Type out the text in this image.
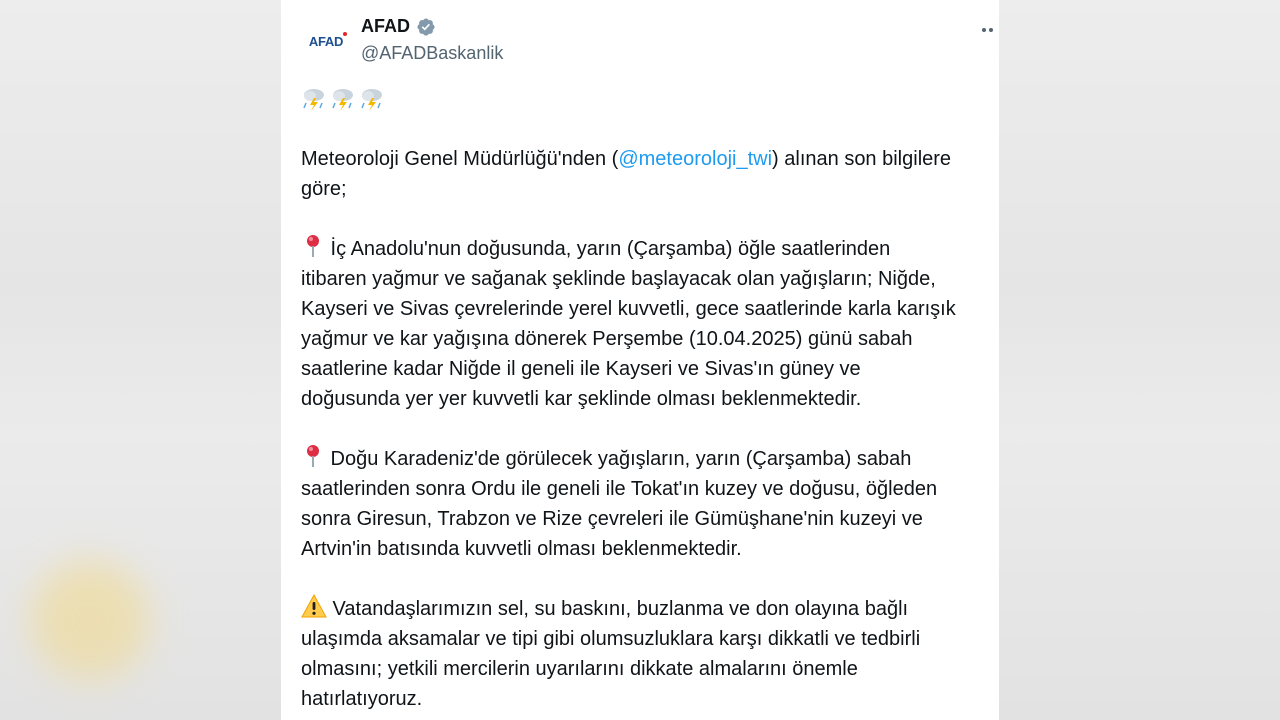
AFAD
AFAD
@AFADBaskanlik
Meteoroloji Genel Müdürlüğü'nden (@meteoroloji_twi) alınan son bilgilere
göre;
İç Anadolu'nun doğusunda, yarın (Çarşamba) öğle saatlerinden
itibaren yağmur ve sağanak şeklinde başlayacak olan yağışların; Niğde,
Kayseri ve Sivas çevrelerinde yerel kuvvetli, gece saatlerinde karla karışık
yağmur ve kar yağışına dönerek Perşembe (10.04.2025) günü sabah
saatlerine kadar Niğde il geneli ile Kayseri ve Sivas'ın güney ve
doğusunda yer yer kuvvetli kar şeklinde olması beklenmektedir.
Doğu Karadeniz'de görülecek yağışların, yarın (Çarşamba) sabah
saatlerinden sonra Ordu ile geneli ile Tokat'ın kuzey ve doğusu, öğleden
sonra Giresun, Trabzon ve Rize çevreleri ile Gümüşhane'nin kuzeyi ve
Artvin'in batısında kuvvetli olması beklenmektedir.
Vatandaşlarımızın sel, su baskını, buzlanma ve don olayına bağlı
ulaşımda aksamalar ve tipi gibi olumsuzluklara karşı dikkatli ve tedbirli
olmasını; yetkili mercilerin uyarılarını dikkate almalarını önemle
hatırlatıyoruz.
